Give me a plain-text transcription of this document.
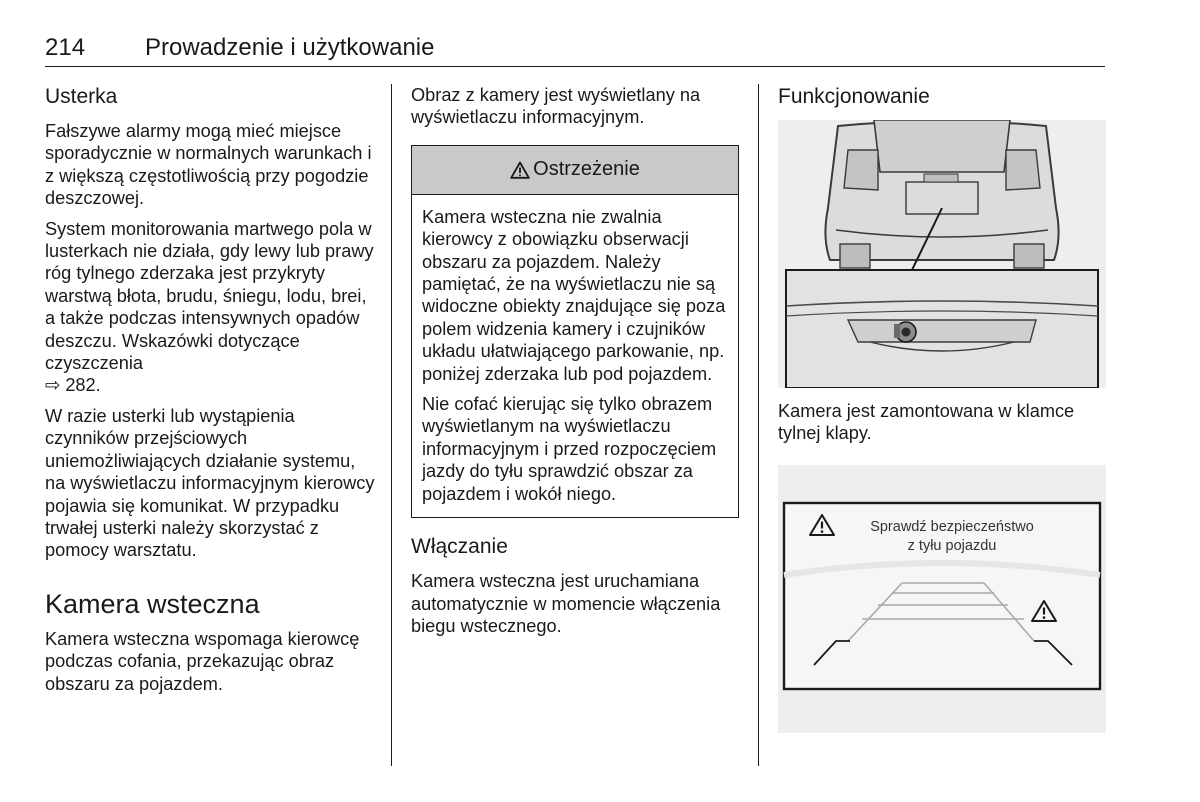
214 Prowadzenie i użytkowanie
Usterka

Fałszywe alarmy mogą mieć miejsce sporadycznie w normalnych warunkach i z większą częstotliwością przy pogodzie deszczowej.

System monitorowania martwego pola w lusterkach nie działa, gdy lewy lub prawy róg tylnego zderzaka jest przykryty warstwą błota, brudu, śniegu, lodu, brei, a także podczas intensywnych opadów deszczu. Wskazówki dotyczące czyszczenia
⇨ 282.

W razie usterki lub wystąpienia czynników przejściowych uniemożliwiających działanie systemu, na wyświetlaczu informacyjnym kierowcy pojawia się komunikat. W przypadku trwałej usterki należy skorzystać z pomocy warsztatu.

Kamera wsteczna

Kamera wsteczna wspomaga kierowcę podczas cofania, przekazując obraz obszaru za pojazdem.

Obraz z kamery jest wyświetlany na wyświetlaczu informacyjnym.

Ostrzeżenie

Kamera wsteczna nie zwalnia kierowcy z obowiązku obserwacji obszaru za pojazdem. Należy pamiętać, że na wyświetlaczu nie są widoczne obiekty znajdujące się poza polem widzenia kamery i czujników układu ułatwiającego parkowanie, np. poniżej zderzaka lub pod pojazdem.

Nie cofać kierując się tylko obrazem wyświetlanym na wyświetlaczu informacyjnym i przed rozpoczęciem jazdy do tyłu sprawdzić obszar za pojazdem i wokół niego.

Włączanie

Kamera wsteczna jest uruchamiana automatycznie w momencie włączenia biegu wstecznego.

Funkcjonowanie

Kamera jest zamontowana w klamce tylnej klapy.

Sprawdź bezpieczeństwo
z tyłu pojazdu
